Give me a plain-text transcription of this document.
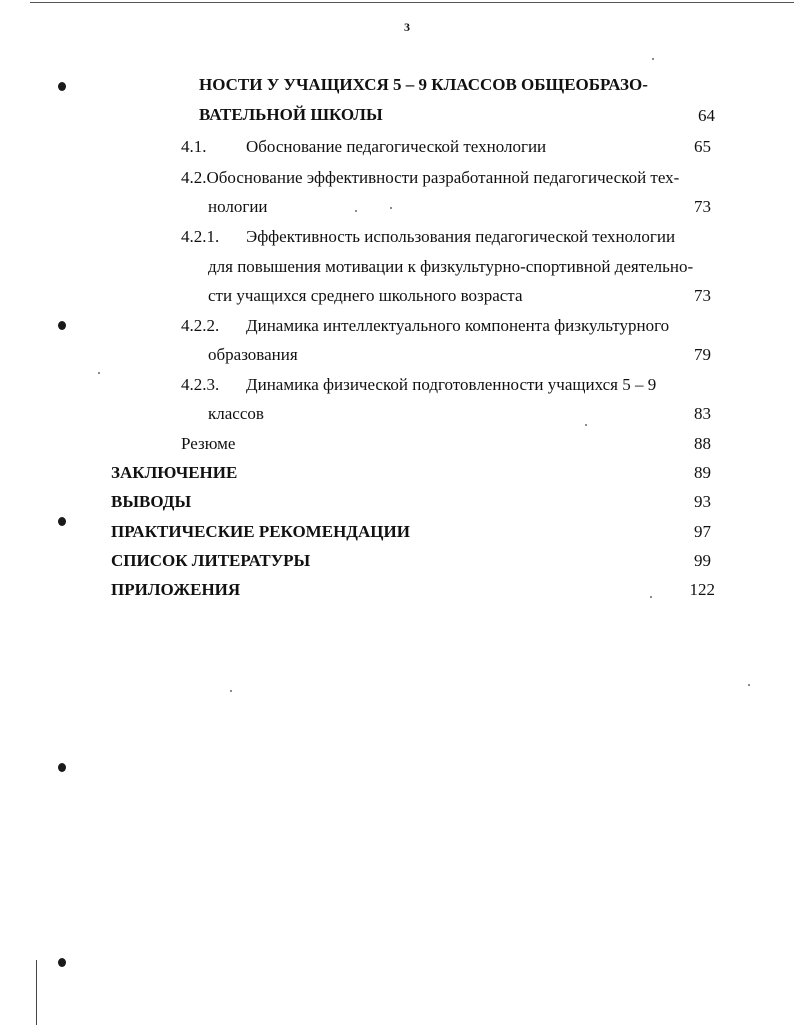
3
НОСТИ У УЧАЩИХСЯ 5 – 9 КЛАССОВ ОБЩЕОБРАЗО-
ВАТЕЛЬНОЙ ШКОЛЫ	64
4.1. Обоснование педагогической технологии	65
4.2.Обоснование эффективности разработанной педагогической тех-
нологии	73
4.2.1. Эффективность использования педагогической технологии
для повышения мотивации к физкультурно-спортивной деятельно-
сти учащихся среднего школьного возраста	73
4.2.2. Динамика интеллектуального компонента физкультурного
образования	79
4.2.3. Динамика физической подготовленности учащихся 5 – 9
классов	83
Резюме	88
ЗАКЛЮЧЕНИЕ	89
ВЫВОДЫ	93
ПРАКТИЧЕСКИЕ РЕКОМЕНДАЦИИ	97
СПИСОК ЛИТЕРАТУРЫ	99
ПРИЛОЖЕНИЯ	122
